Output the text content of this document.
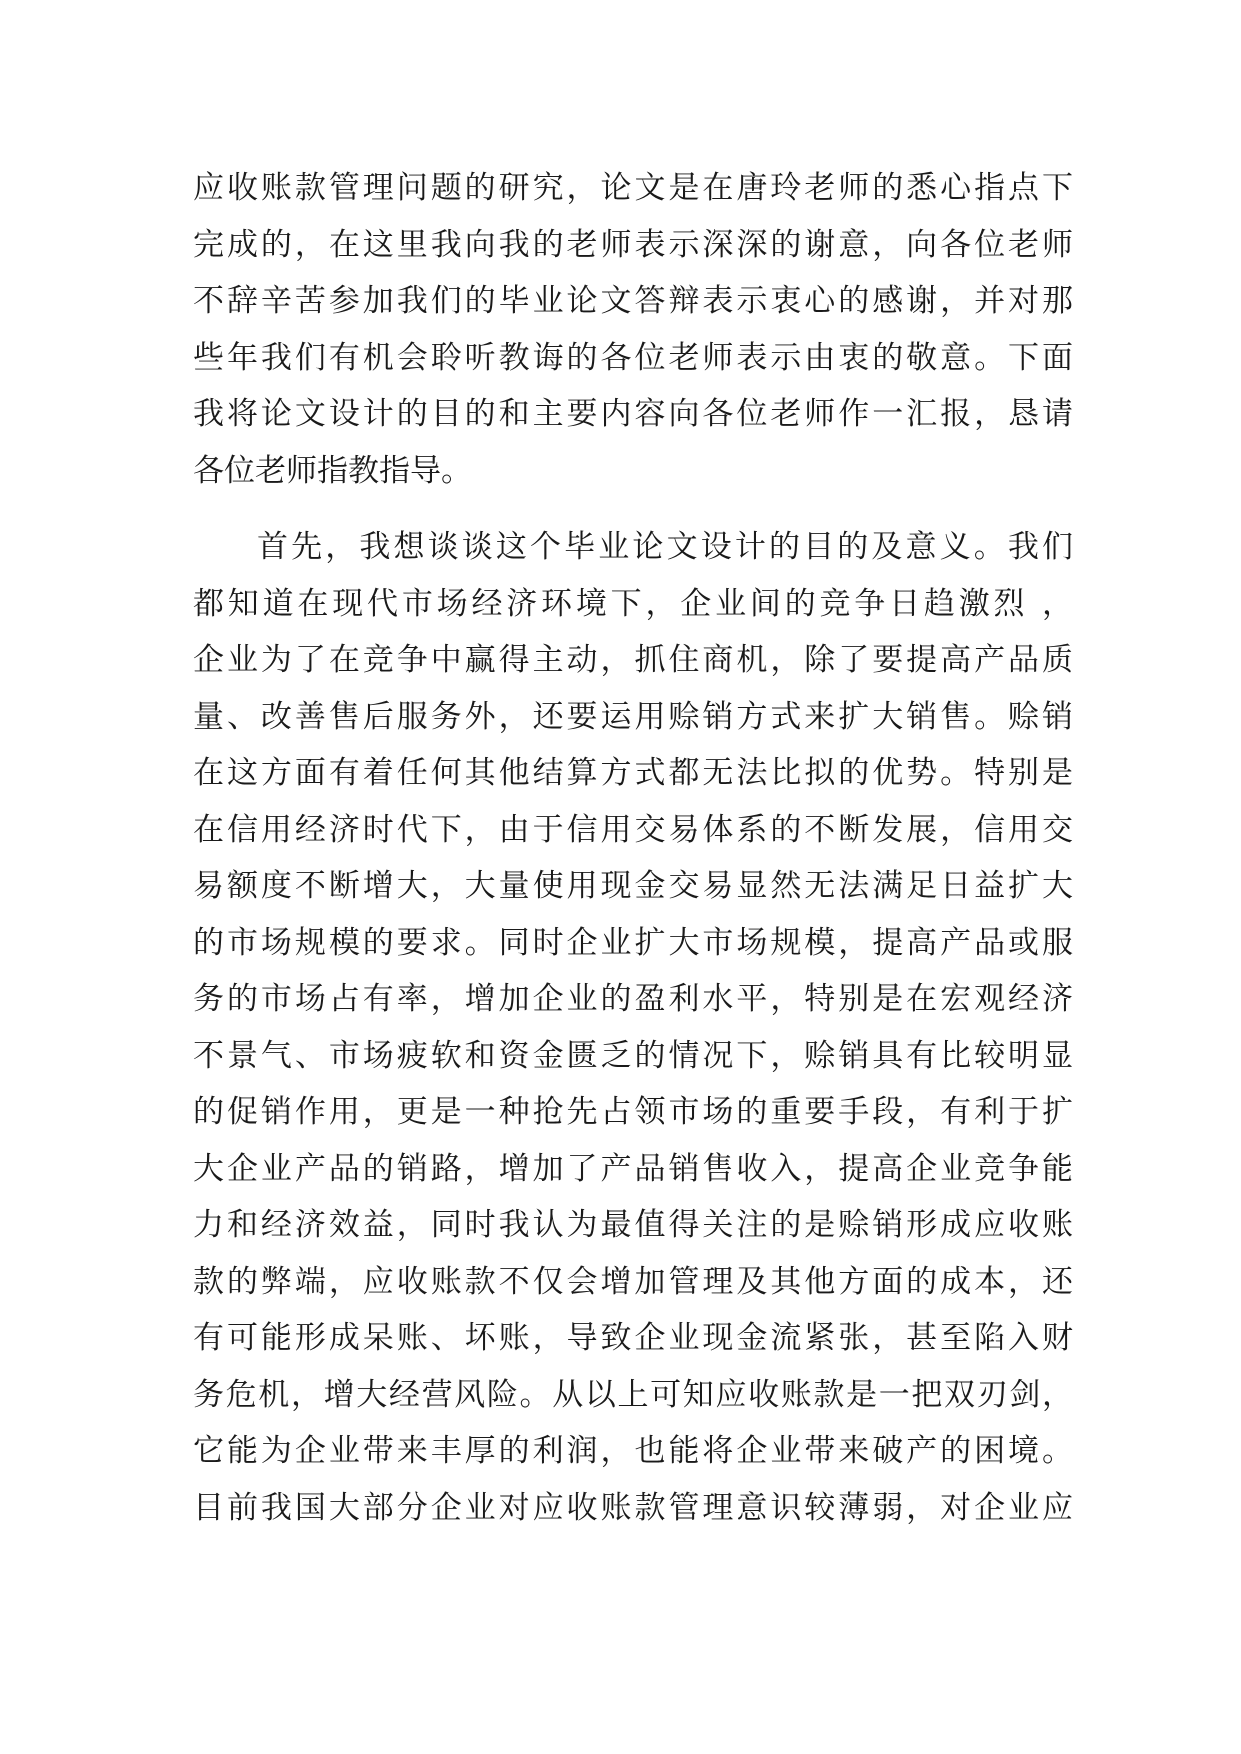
应收账款管理问题的研究，论文是在唐玲老师的悉心指点下
完成的，在这里我向我的老师表示深深的谢意，向各位老师
不辞辛苦参加我们的毕业论文答辩表示衷心的感谢，并对那
些年我们有机会聆听教诲的各位老师表示由衷的敬意。下面
我将论文设计的目的和主要内容向各位老师作一汇报，恳请
各位老师指教指导。
首先，我想谈谈这个毕业论文设计的目的及意义。我们
都知道在现代市场经济环境下，企业间的竞争日趋激烈 ，
企业为了在竞争中赢得主动，抓住商机，除了要提高产品质
量、改善售后服务外，还要运用赊销方式来扩大销售。赊销
在这方面有着任何其他结算方式都无法比拟的优势。特别是
在信用经济时代下，由于信用交易体系的不断发展，信用交
易额度不断增大，大量使用现金交易显然无法满足日益扩大
的市场规模的要求。同时企业扩大市场规模，提高产品或服
务的市场占有率，增加企业的盈利水平，特别是在宏观经济
不景气、市场疲软和资金匮乏的情况下，赊销具有比较明显
的促销作用，更是一种抢先占领市场的重要手段，有利于扩
大企业产品的销路，增加了产品销售收入，提高企业竞争能
力和经济效益，同时我认为最值得关注的是赊销形成应收账
款的弊端，应收账款不仅会增加管理及其他方面的成本，还
有可能形成呆账、坏账，导致企业现金流紧张，甚至陷入财
务危机，增大经营风险。从以上可知应收账款是一把双刃剑，
它能为企业带来丰厚的利润，也能将企业带来破产的困境。
目前我国大部分企业对应收账款管理意识较薄弱，对企业应
